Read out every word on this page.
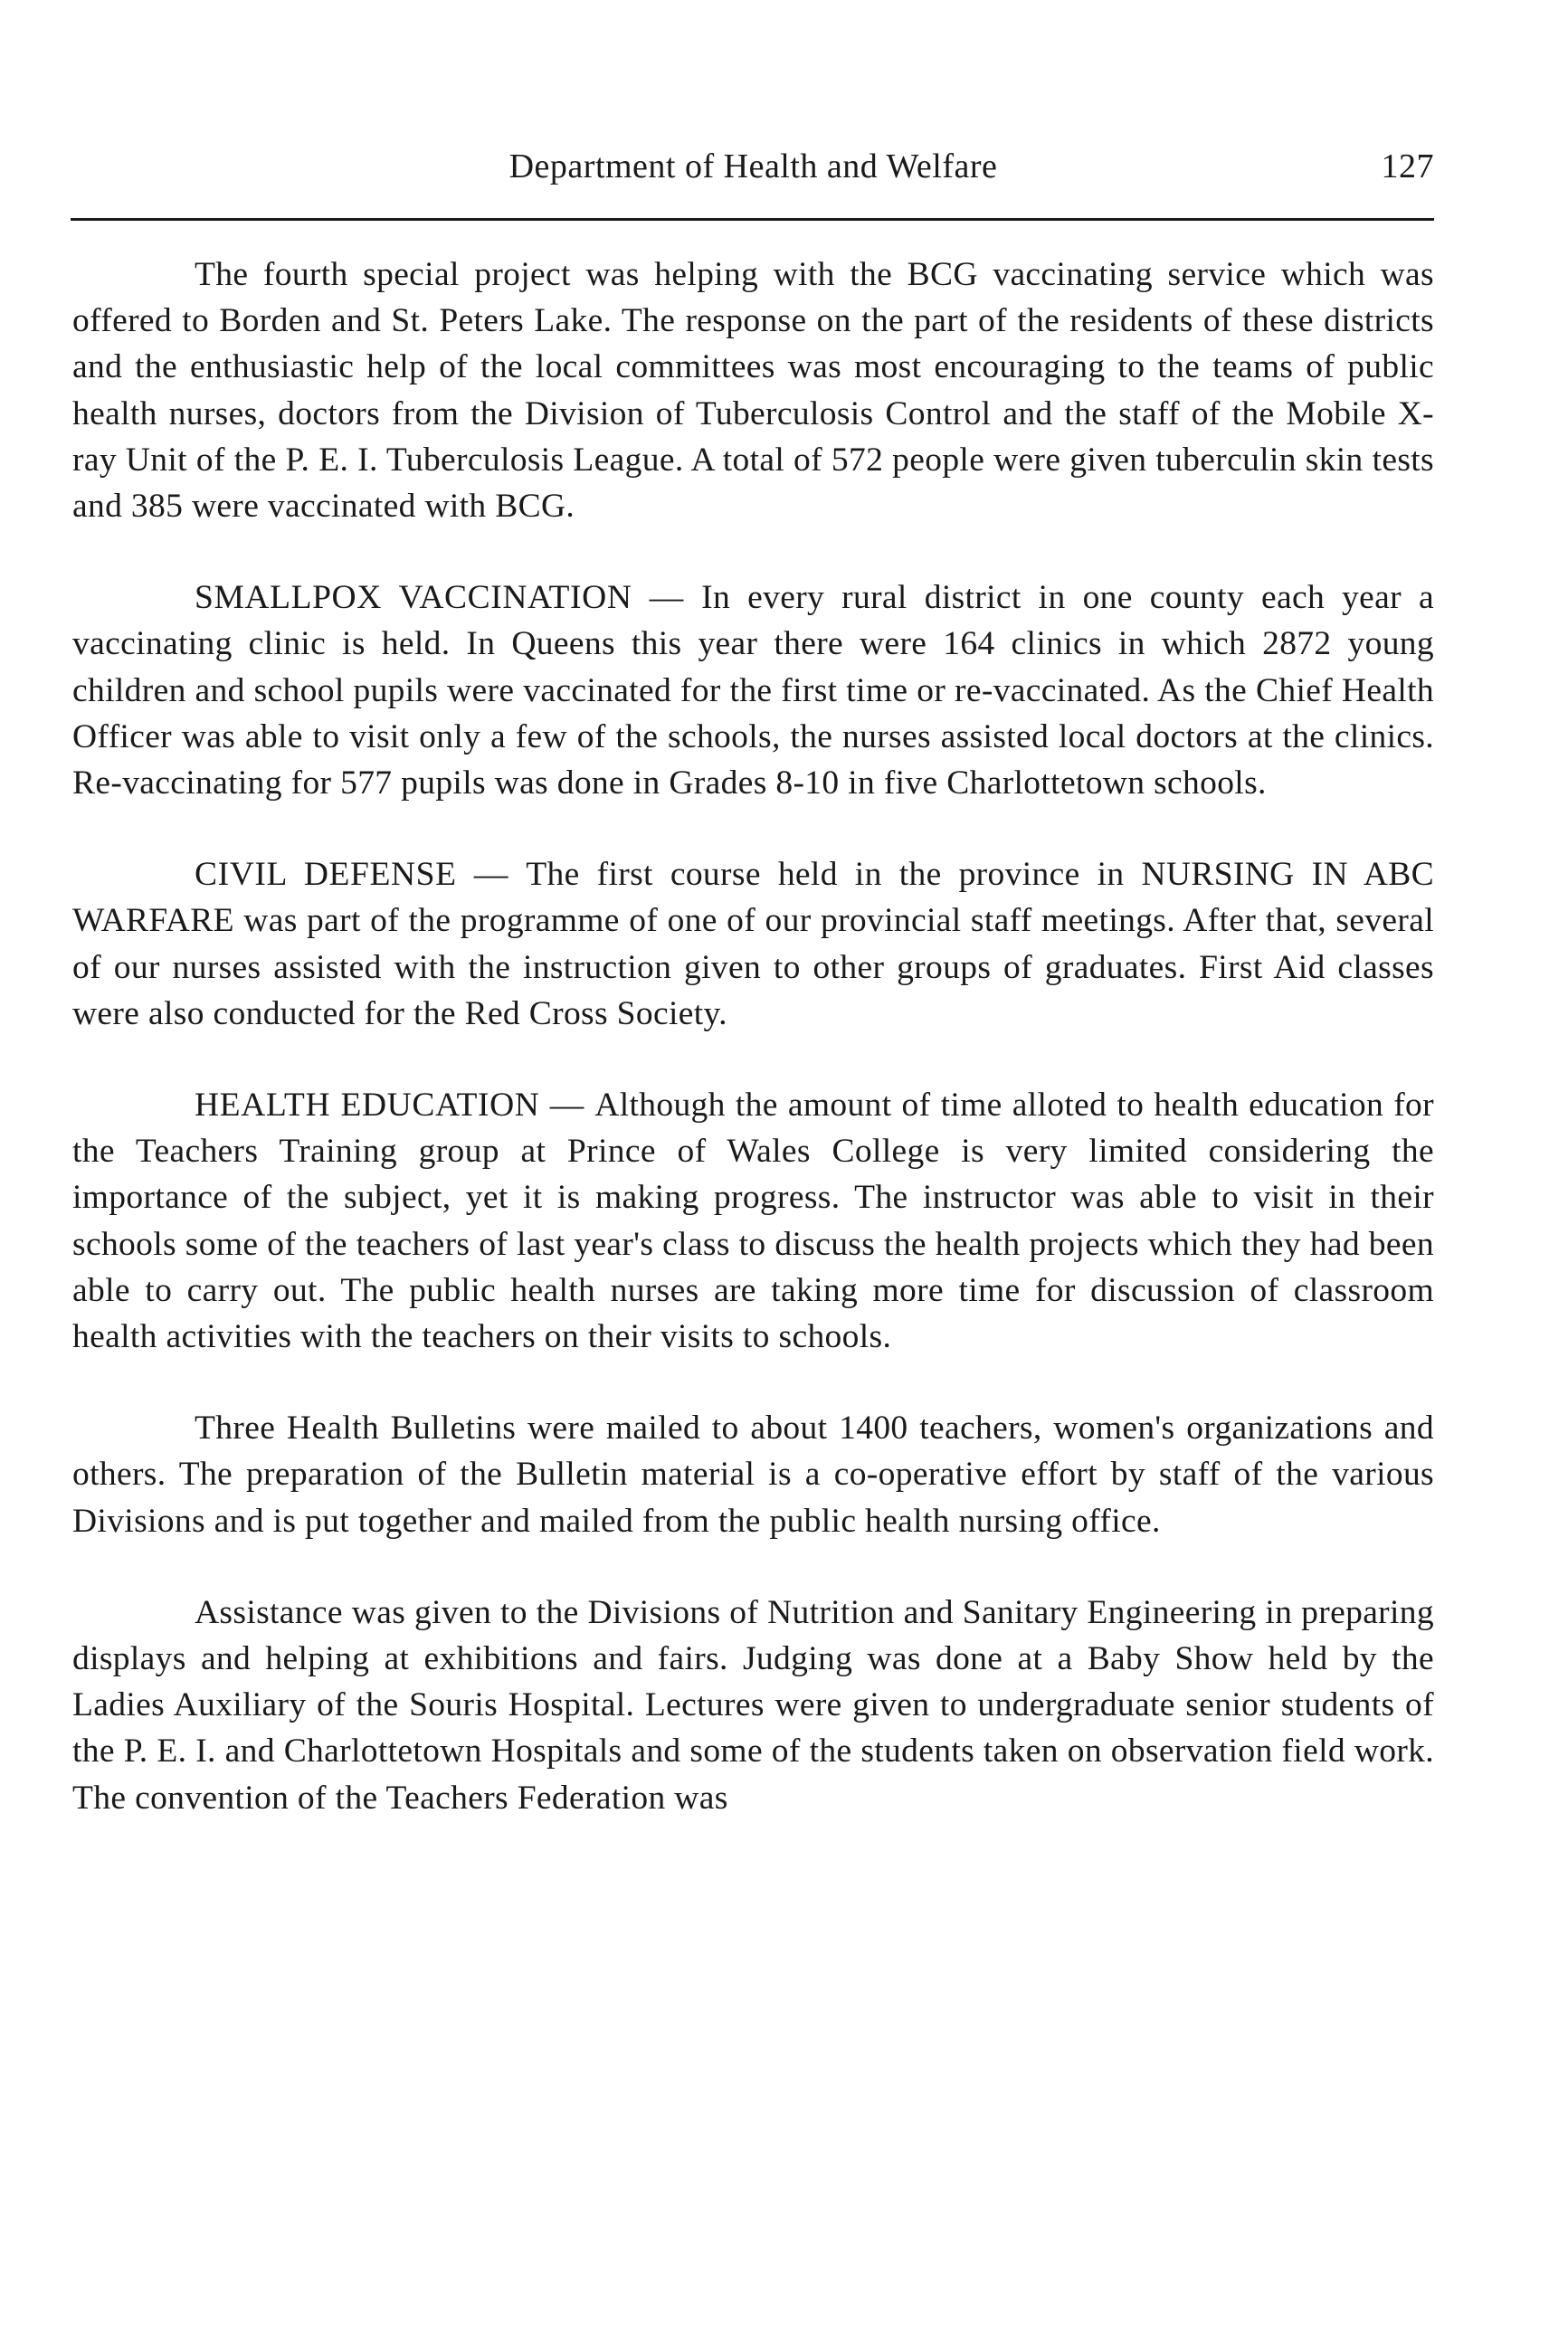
Department of Health and Welfare	127

The fourth special project was helping with the BCG vaccinating service which was offered to Borden and St. Peters Lake. The response on the part of the residents of these districts and the enthusiastic help of the local committees was most encouraging to the teams of public health nurses, doctors from the Division of Tuberculosis Control and the staff of the Mobile X-ray Unit of the P. E. I. Tuberculosis League. A total of 572 people were given tuberculin skin tests and 385 were vaccinated with BCG.

SMALLPOX VACCINATION — In every rural district in one county each year a vaccinating clinic is held. In Queens this year there were 164 clinics in which 2872 young children and school pupils were vaccinated for the first time or re-vaccinated. As the Chief Health Officer was able to visit only a few of the schools, the nurses assisted local doctors at the clinics. Re-vaccinating for 577 pupils was done in Grades 8-10 in five Charlottetown schools.

CIVIL DEFENSE — The first course held in the province in NURSING IN ABC WARFARE was part of the programme of one of our provincial staff meetings. After that, several of our nurses assisted with the instruction given to other groups of graduates. First Aid classes were also conducted for the Red Cross Society.

HEALTH EDUCATION — Although the amount of time alloted to health education for the Teachers Training group at Prince of Wales College is very limited considering the importance of the subject, yet it is making progress. The instructor was able to visit in their schools some of the teachers of last year's class to discuss the health projects which they had been able to carry out. The public health nurses are taking more time for discussion of classroom health activities with the teachers on their visits to schools.

Three Health Bulletins were mailed to about 1400 teachers, women's organizations and others. The preparation of the Bulletin material is a co-operative effort by staff of the various Divisions and is put together and mailed from the public health nursing office.

Assistance was given to the Divisions of Nutrition and Sanitary Engineering in preparing displays and helping at exhibitions and fairs. Judging was done at a Baby Show held by the Ladies Auxiliary of the Souris Hospital. Lectures were given to undergraduate senior students of the P. E. I. and Charlottetown Hospitals and some of the students taken on observation field work. The convention of the Teachers Federation was
